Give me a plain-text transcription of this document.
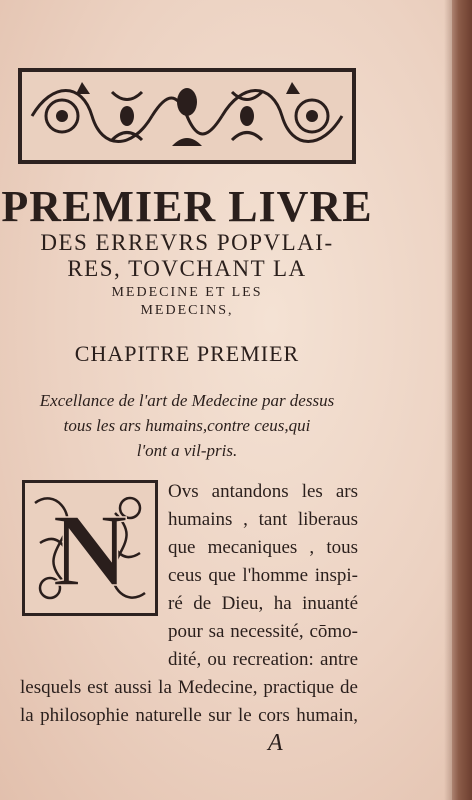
PREMIER LIVRE
DES ERREVRS POPVLAI-
RES, TOVCHANT LA
MEDECINE ET LES
MEDECINS,
CHAPITRE PREMIER
Excellance de l'art de Medecine par dessus
tous les ars humains,contre ceus,qui
l'ont a vil-pris.
N
Ovs antandons les ars
humains , tant liberaus
que mecaniques , tous
ceus que l'homme inspi-
ré de Dieu, ha inuanté
pour sa necessité, cōmo-
dité, ou recreation: antre
lesquels est aussi la Medecine, practique de
la philosophie naturelle sur le cors humain,
A
